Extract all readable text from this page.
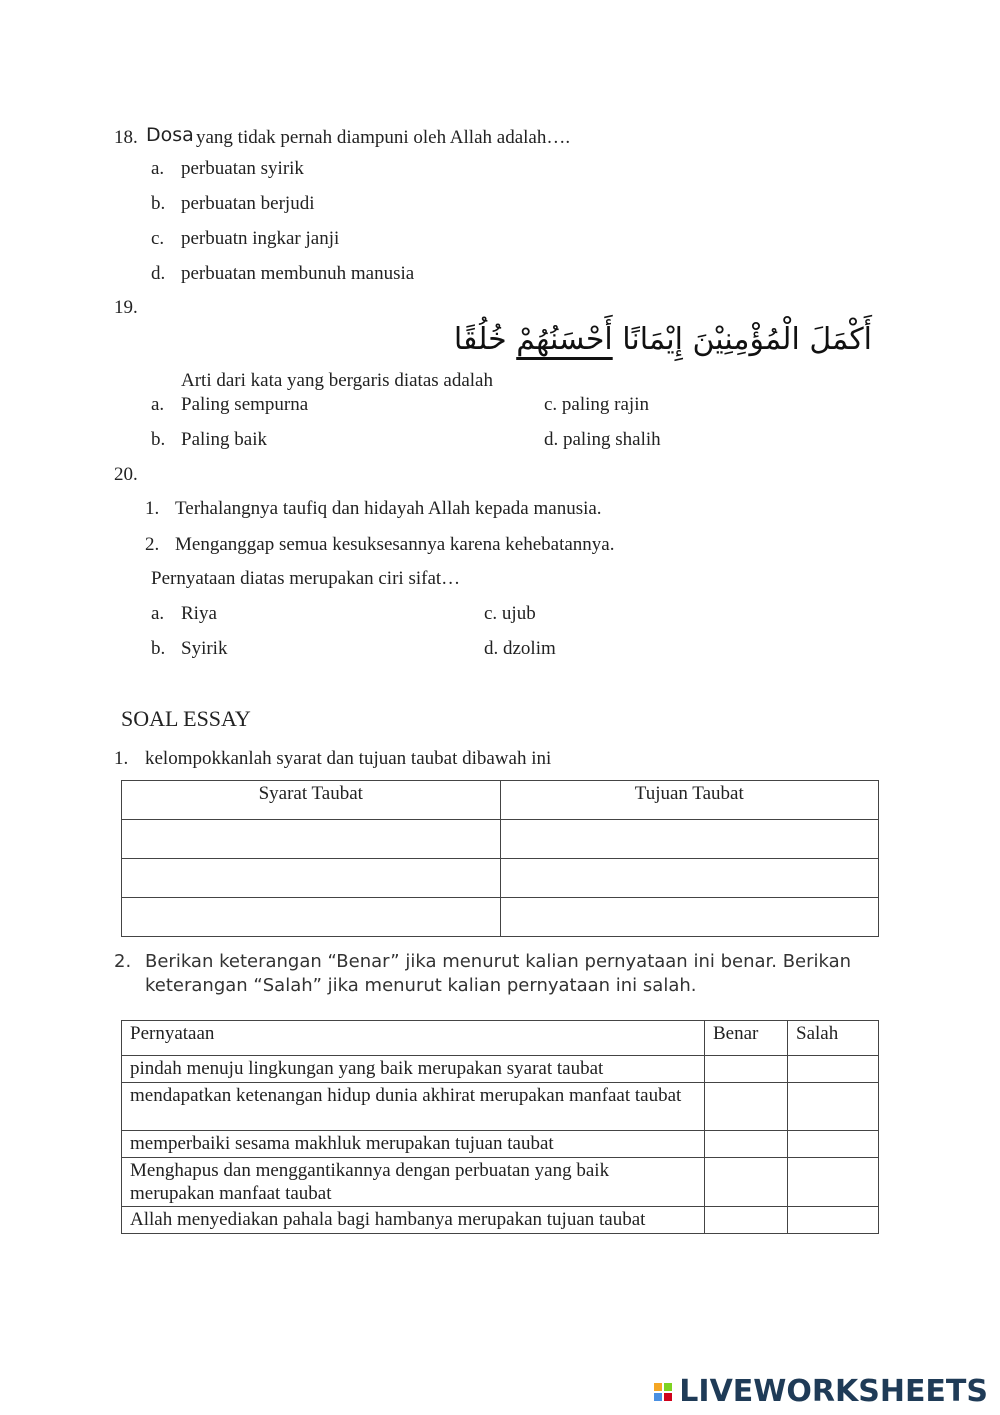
18. Dosa yang tidak pernah diampuni oleh Allah adalah….
a. perbuatan syirik
b. perbuatan berjudi
c. perbuatn ingkar janji
d. perbuatan membunuh manusia
19.
أَكْمَلَ الْمُؤْمِنِيْنَ إِيْمَانًا أَحْسَنُهُمْ خُلُقًا
Arti dari kata yang bergaris diatas adalah
a. Paling sempurna
b. Paling baik
c. paling rajin
d. paling shalih
20.
1. Terhalangnya taufiq dan hidayah Allah kepada manusia.
2. Menganggap semua kesuksesannya karena kehebatannya.
Pernyataan diatas merupakan ciri sifat…
a. Riya
b. Syirik
c. ujub
d. dzolim
SOAL ESSAY
1. kelompokkanlah syarat dan tujuan taubat dibawah ini
Syarat Taubat	Tujuan Taubat

2. Berikan keterangan “Benar” jika menurut kalian pernyataan ini benar. Berikan
keterangan “Salah” jika menurut kalian pernyataan ini salah.
Pernyataan	Benar	Salah
pindah menuju lingkungan yang baik merupakan syarat taubat		
mendapatkan ketenangan hidup dunia akhirat merupakan manfaat taubat		
memperbaiki sesama makhluk merupakan tujuan taubat		
Menghapus dan menggantikannya dengan perbuatan yang baik merupakan manfaat taubat		
Allah menyediakan pahala bagi hambanya merupakan tujuan taubat		

LIVEWORKSHEETS
